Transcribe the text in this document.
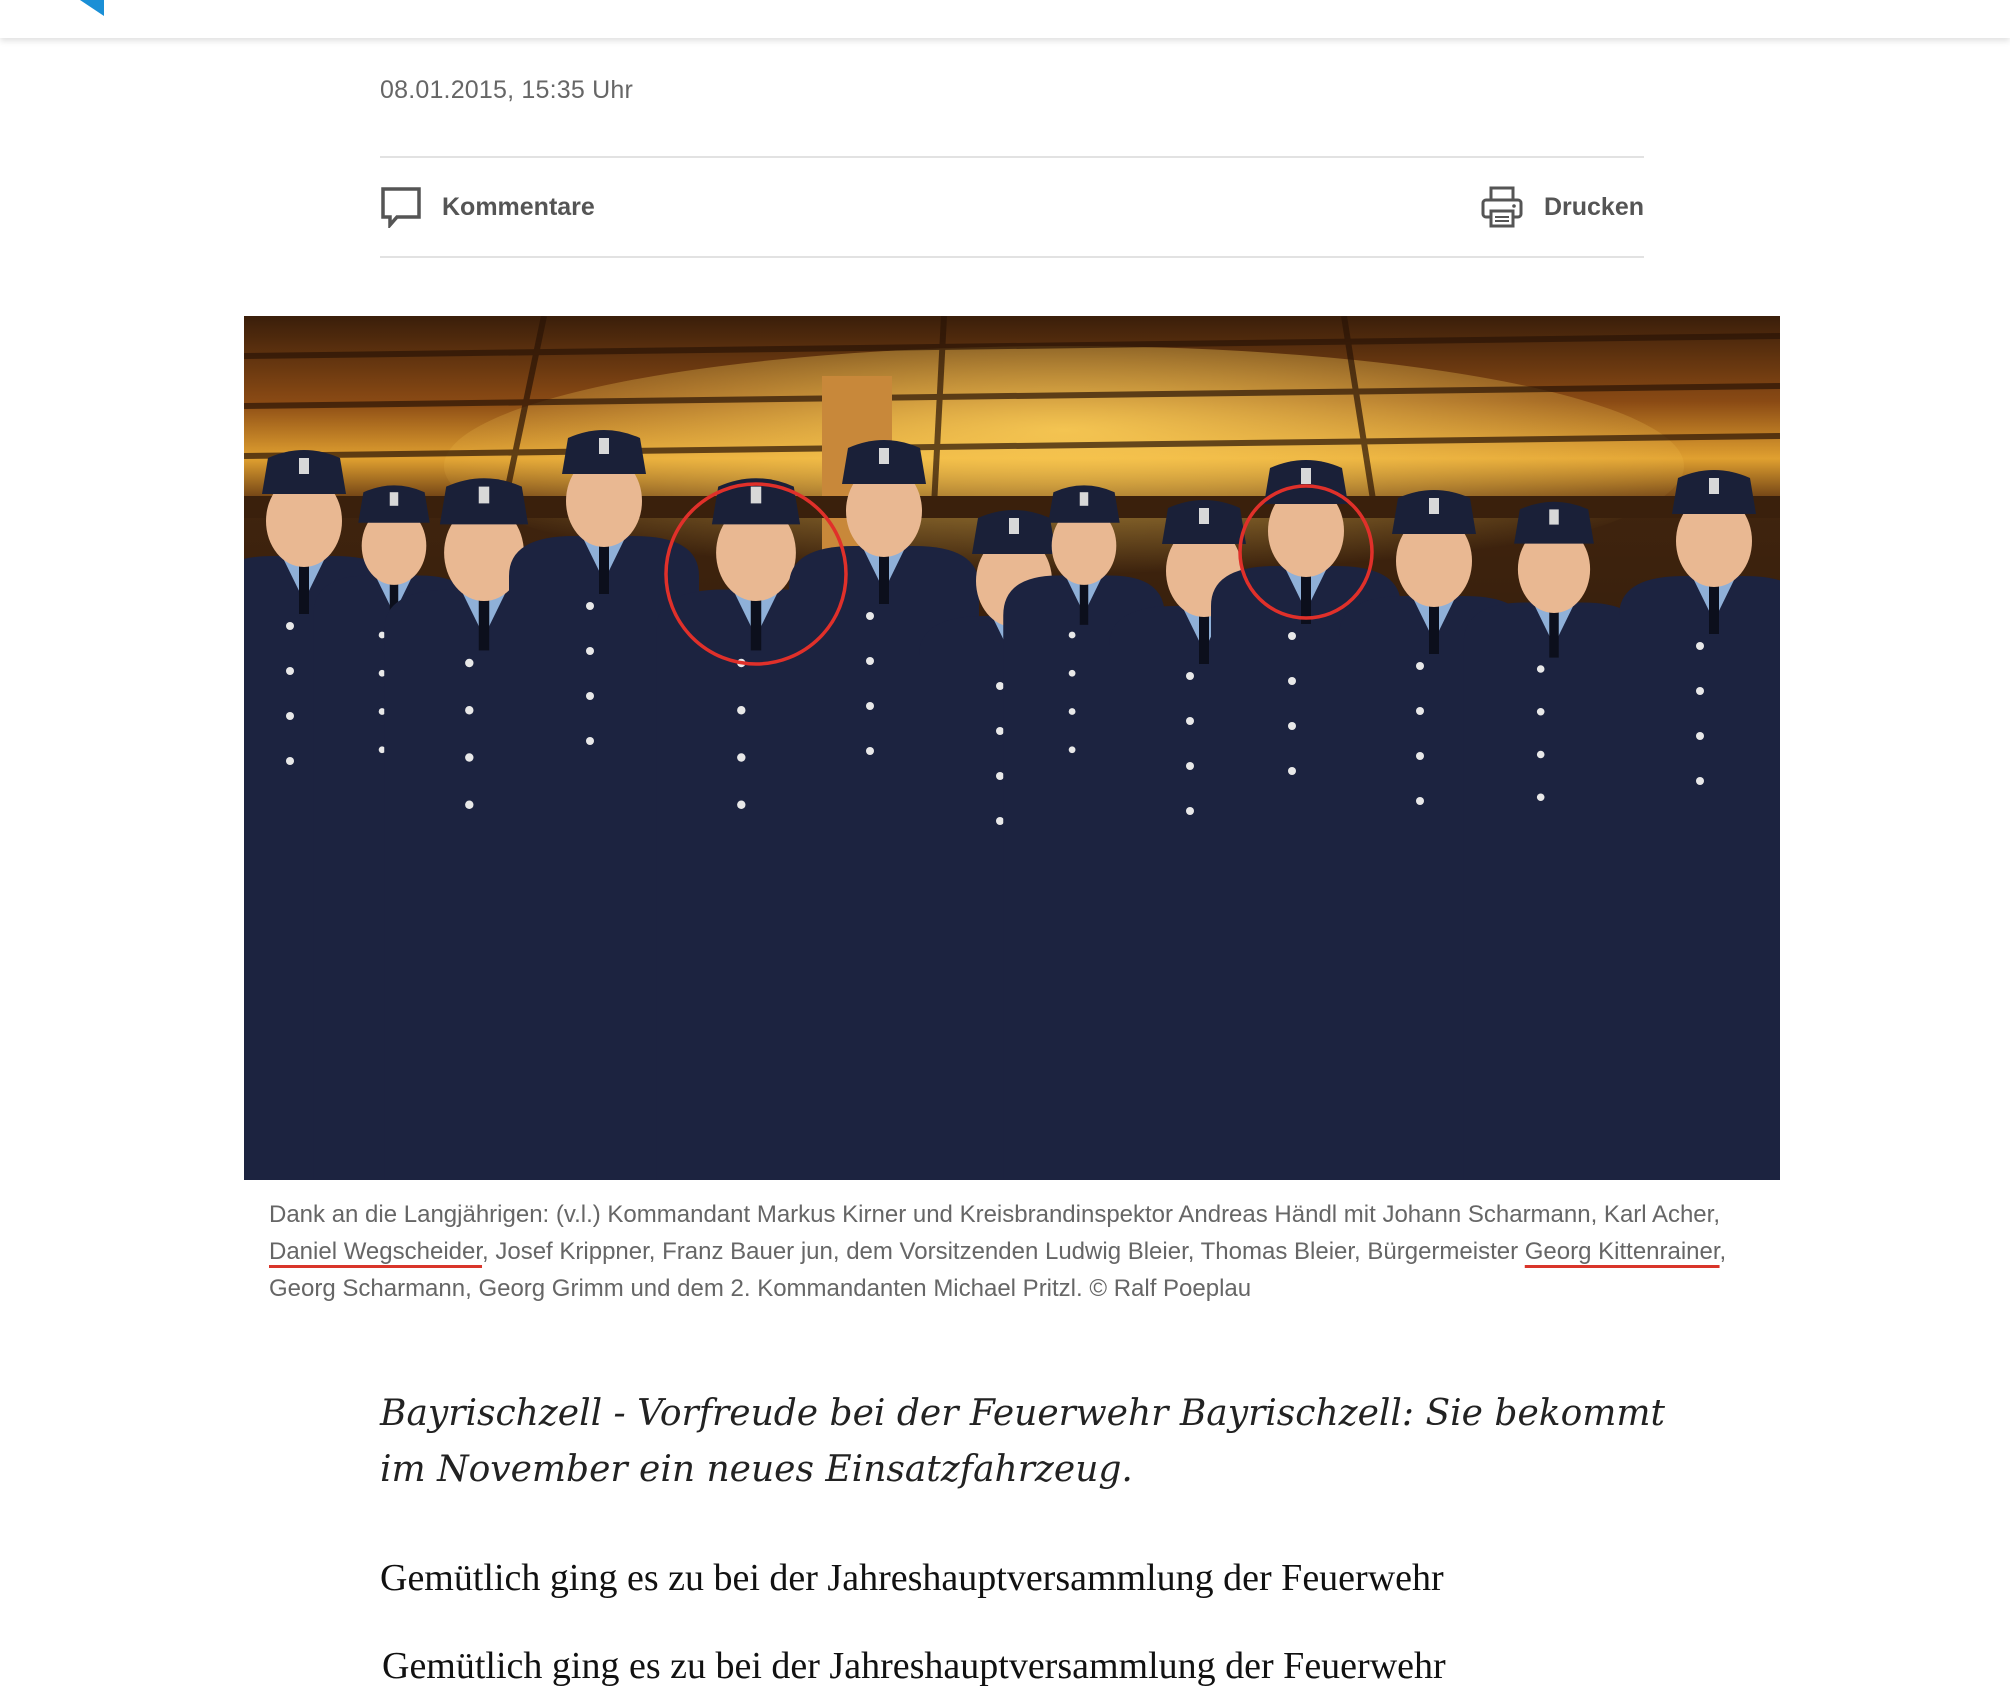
08.01.2015, 15:35 Uhr
Kommentare	Drucken
Dank an die Langjährigen: (v.l.) Kommandant Markus Kirner und Kreisbrandinspektor Andreas Händl mit Johann Scharmann, Karl Acher, Daniel Wegscheider, Josef Krippner, Franz Bauer jun, dem Vorsitzenden Ludwig Bleier, Thomas Bleier, Bürgermeister Georg Kittenrainer, Georg Scharmann, Georg Grimm und dem 2. Kommandanten Michael Pritzl. © Ralf Poeplau
Bayrischzell - Vorfreude bei der Feuerwehr Bayrischzell: Sie bekommt im November ein neues Einsatzfahrzeug.
Gemütlich ging es zu bei der Jahreshauptversammlung der Feuerwehr
Gemütlich ging es zu bei der Jahreshauptversammlung der Feuerwehr
